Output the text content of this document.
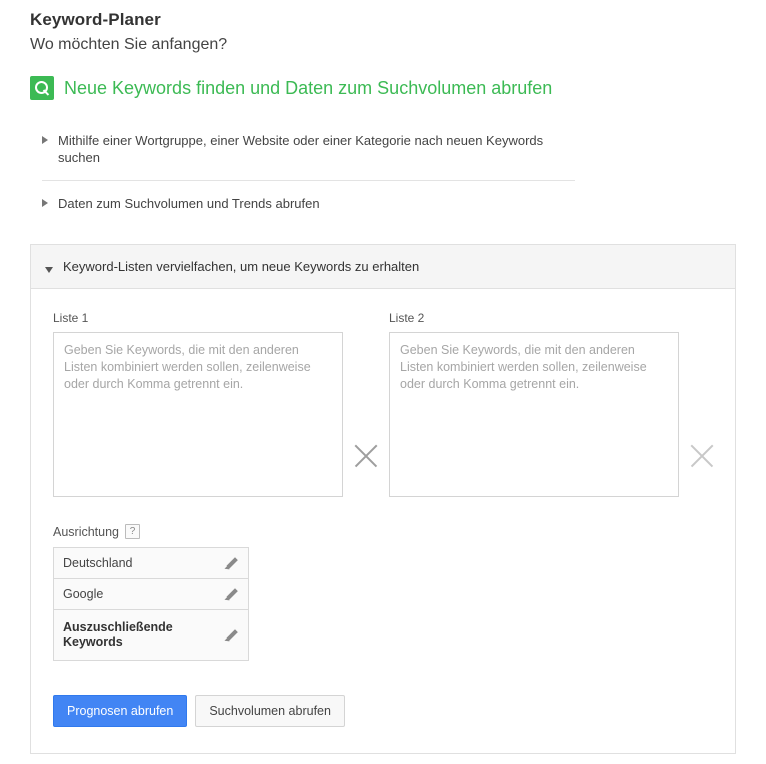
Keyword-Planer
Wo möchten Sie anfangen?
Neue Keywords finden und Daten zum Suchvolumen abrufen
Mithilfe einer Wortgruppe, einer Website oder einer Kategorie nach neuen Keywords suchen
Daten zum Suchvolumen und Trends abrufen
Keyword-Listen vervielfachen, um neue Keywords zu erhalten
Liste 1
Geben Sie Keywords, die mit den anderen Listen kombiniert werden sollen, zeilenweise oder durch Komma getrennt ein.	Liste 2
Geben Sie Keywords, die mit den anderen Listen kombiniert werden sollen, zeilenweise oder durch Komma getrennt ein.
Ausrichtung	?
Deutschland
Google
Auszuschließende Keywords
Prognosen abrufen	Suchvolumen abrufen
